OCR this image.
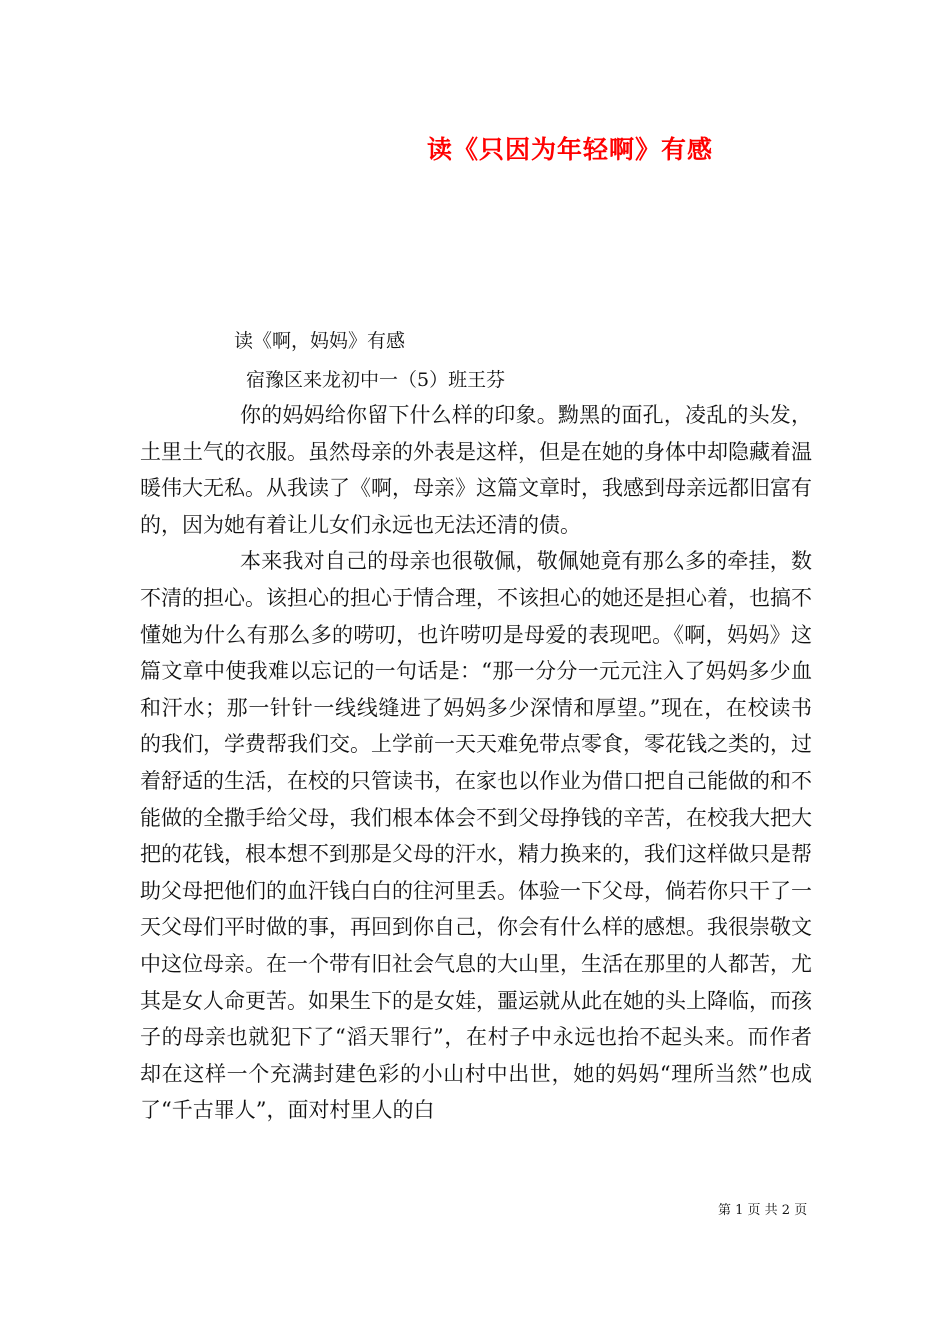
读《只因为年轻啊》有感

读《啊，妈妈》有感

宿豫区来龙初中一（5）班王芬

你的妈妈给你留下什么样的印象。黝黑的面孔，凌乱的头发，土里土气的衣服。虽然母亲的外表是这样，但是在她的身体中却隐藏着温暖伟大无私。从我读了《啊，母亲》这篇文章时，我感到母亲远都旧富有的，因为她有着让儿女们永远也无法还清的债。

本来我对自己的母亲也很敬佩，敬佩她竟有那么多的牵挂，数不清的担心。该担心的担心于情合理，不该担心的她还是担心着，也搞不懂她为什么有那么多的唠叨，也许唠叨是母爱的表现吧。《啊，妈妈》这篇文章中使我难以忘记的一句话是：“那一分分一元元注入了妈妈多少血和汗水；那一针针一线线缝进了妈妈多少深情和厚望。”现在，在校读书的我们，学费帮我们交。上学前一天天难免带点零食，零花钱之类的，过着舒适的生活，在校的只管读书，在家也以作业为借口把自己能做的和不能做的全撒手给父母，我们根本体会不到父母挣钱的辛苦，在校我大把大把的花钱，根本想不到那是父母的汗水，精力换来的，我们这样做只是帮助父母把他们的血汗钱白白的往河里丢。体验一下父母，倘若你只干了一天父母们平时做的事，再回到你自己，你会有什么样的感想。我很崇敬文中这位母亲。在一个带有旧社会气息的大山里，生活在那里的人都苦，尤其是女人命更苦。如果生下的是女娃，噩运就从此在她的头上降临，而孩子的母亲也就犯下了“滔天罪行”，在村子中永远也抬不起头来。而作者却在这样一个充满封建色彩的小山村中出世，她的妈妈“理所当然”也成了“千古罪人”，面对村里人的白

第 1 页 共 2 页
